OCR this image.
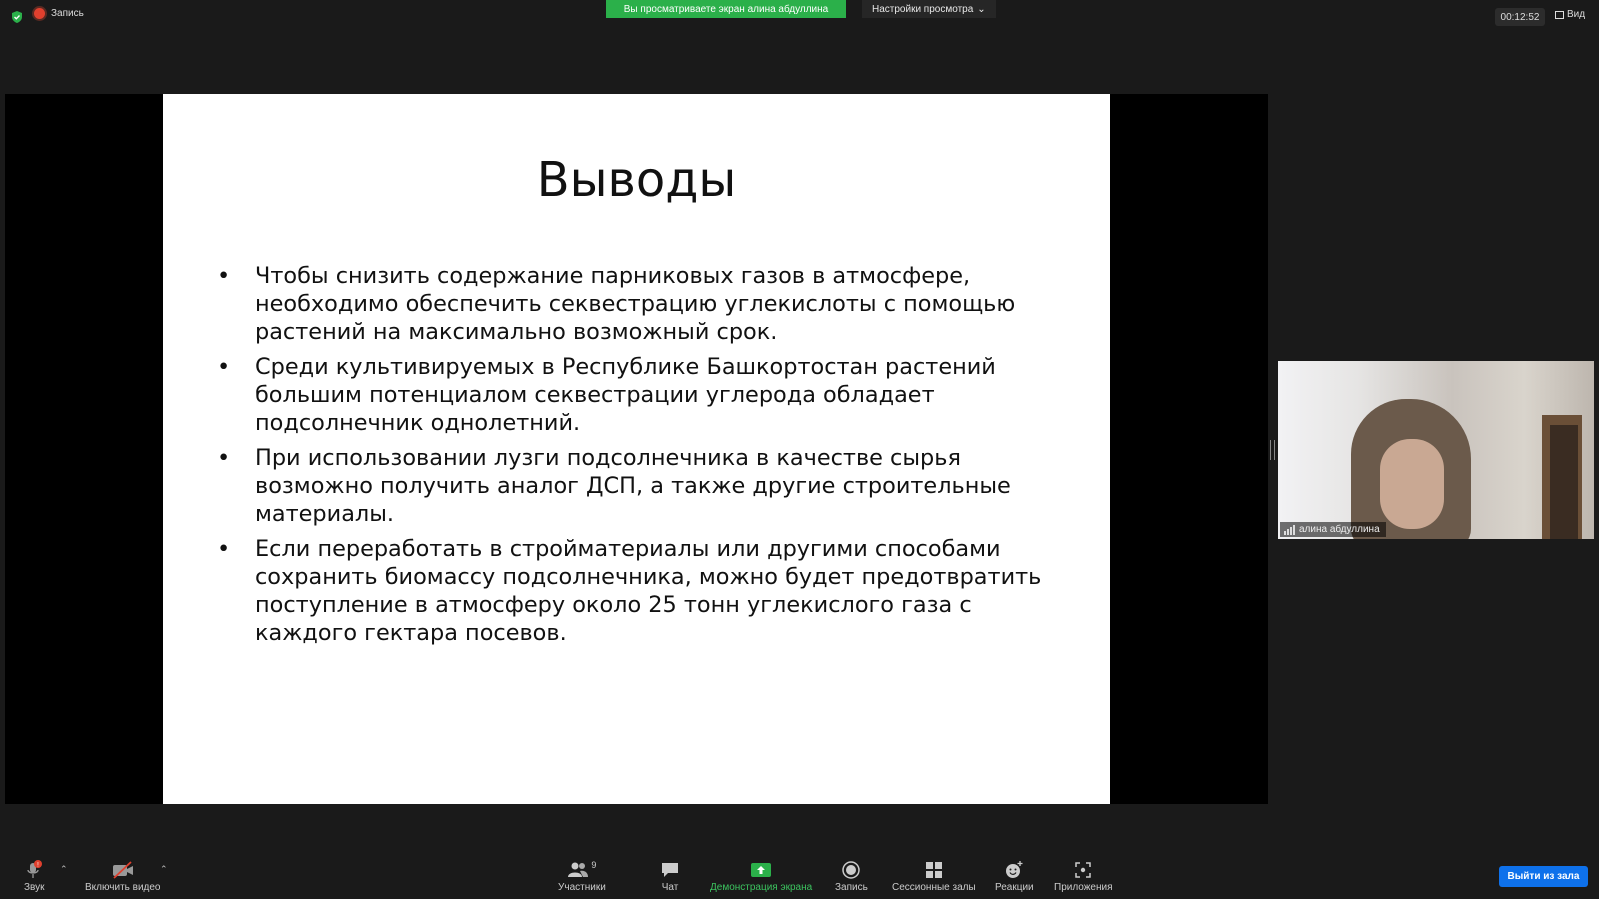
Запись	Вы просматриваете экран алина абдуллина	Настройки просмотра ⌄
00:12:52	Вид
Выводы
• Чтобы снизить содержание парниковых газов в атмосфере, необходимо обеспечить секвестрацию углекислоты с помощью растений на максимально возможный срок.
• Среди культивируемых в Республике Башкортостан растений большим потенциалом секвестрации углерода обладает подсолнечник однолетний.
• При использовании лузги подсолнечника в качестве сырья возможно получить аналог ДСП, а также другие строительные материалы.
• Если переработать в стройматериалы или другими способами сохранить биомассу подсолнечника, можно будет предотвратить поступление в атмосферу около 25 тонн углекислого газа с каждого гектара посевов.
алина абдуллина
!
Звук
⌃
Включить видео
⌃	9
Участники	Чат	Демонстрация экрана Запись Сессионные залы Реакции Приложения
Выйти из зала
